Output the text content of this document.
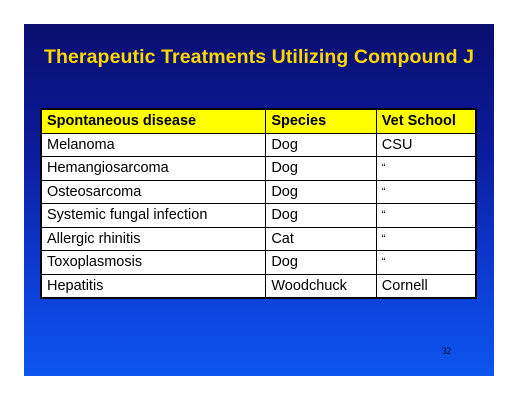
Therapeutic Treatments Utilizing Compound J
Spontaneous disease	Species	Vet School
Melanoma	Dog	CSU
Hemangiosarcoma	Dog	“
Osteosarcoma	Dog	“
Systemic fungal infection	Dog	“
Allergic rhinitis	Cat	“
Toxoplasmosis	Dog	“
Hepatitis	Woodchuck	Cornell
32
